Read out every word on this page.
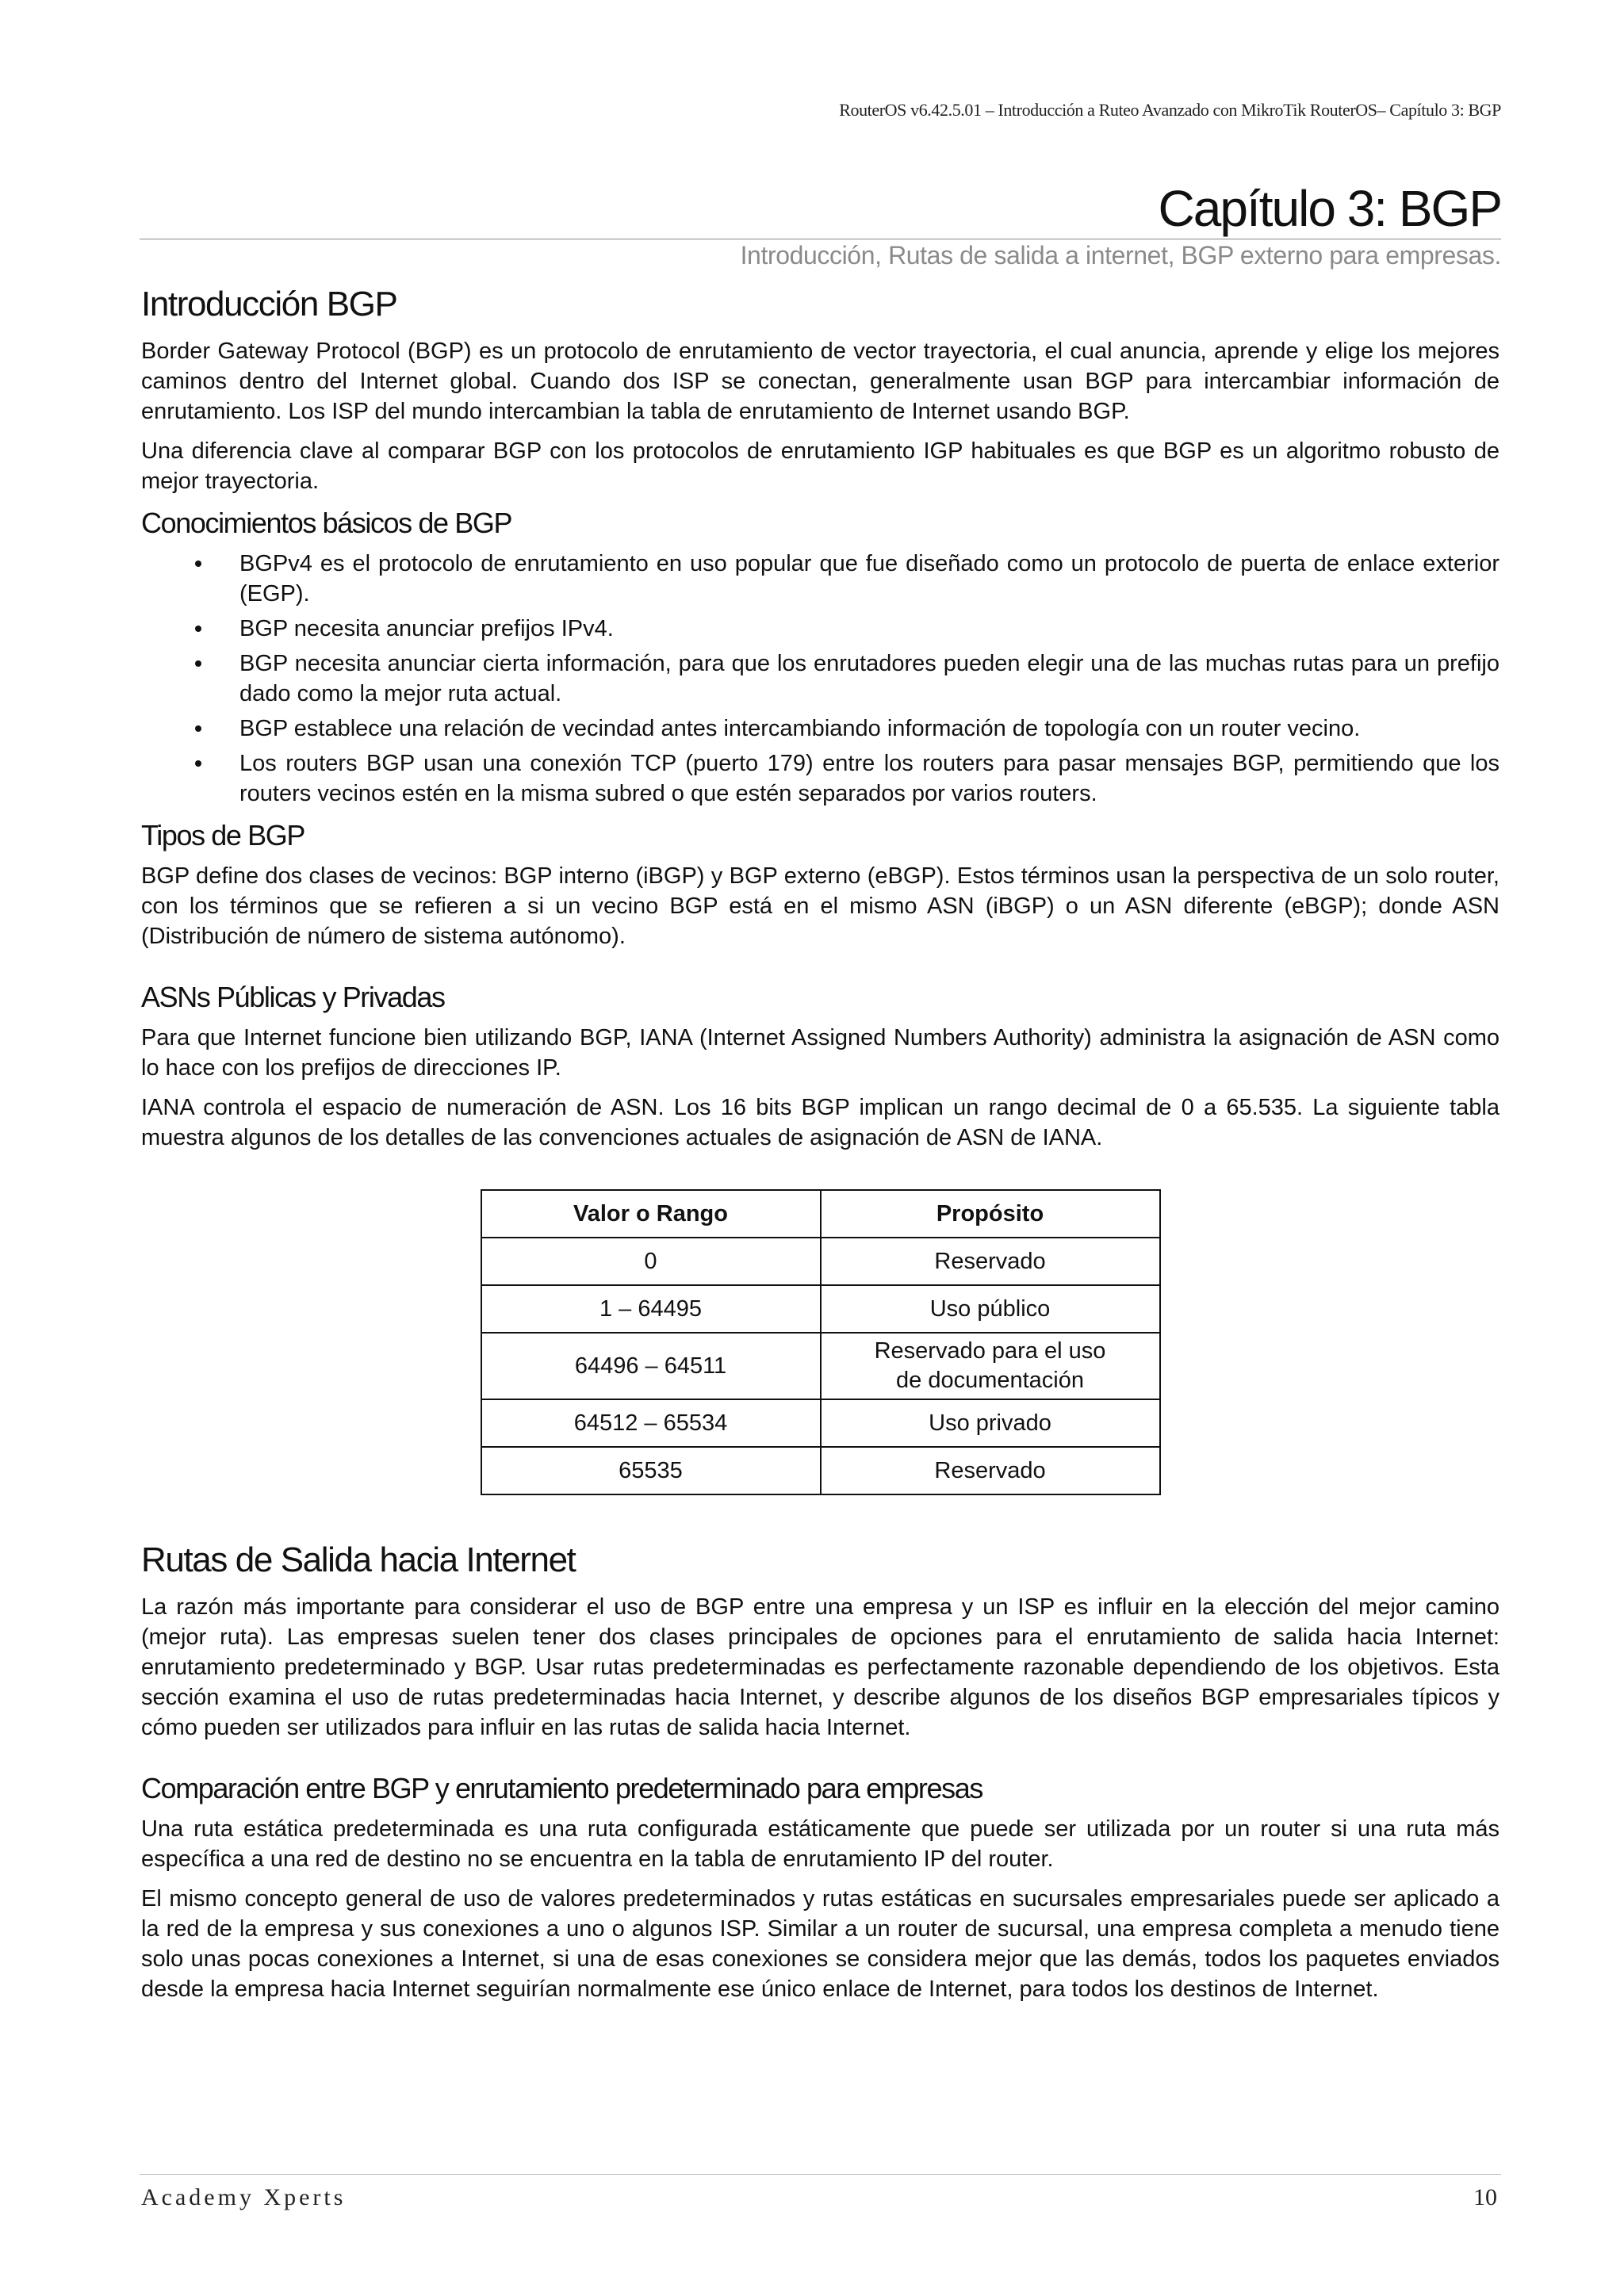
RouterOS v6.42.5.01 – Introducción a Ruteo Avanzado con MikroTik RouterOS– Capítulo 3: BGP
Capítulo 3: BGP
Introducción, Rutas de salida a internet, BGP externo para empresas.
Introducción BGP

Border Gateway Protocol (BGP) es un protocolo de enrutamiento de vector trayectoria, el cual anuncia, aprende y elige los mejores caminos dentro del Internet global. Cuando dos ISP se conectan, generalmente usan BGP para intercambiar información de enrutamiento. Los ISP del mundo intercambian la tabla de enrutamiento de Internet usando BGP.

Una diferencia clave al comparar BGP con los protocolos de enrutamiento IGP habituales es que BGP es un algoritmo robusto de mejor trayectoria.

Conocimientos básicos de BGP
BGPv4 es el protocolo de enrutamiento en uso popular que fue diseñado como un protocolo de puerta de enlace exterior (EGP).
BGP necesita anunciar prefijos IPv4.
BGP necesita anunciar cierta información, para que los enrutadores pueden elegir una de las muchas rutas para un prefijo dado como la mejor ruta actual.
BGP establece una relación de vecindad antes intercambiando información de topología con un router vecino.
Los routers BGP usan una conexión TCP (puerto 179) entre los routers para pasar mensajes BGP, permitiendo que los routers vecinos estén en la misma subred o que estén separados por varios routers.
Tipos de BGP

BGP define dos clases de vecinos: BGP interno (iBGP) y BGP externo (eBGP). Estos términos usan la perspectiva de un solo router, con los términos que se refieren a si un vecino BGP está en el mismo ASN (iBGP) o un ASN diferente (eBGP); donde ASN (Distribución de número de sistema autónomo).

ASNs Públicas y Privadas

Para que Internet funcione bien utilizando BGP, IANA (Internet Assigned Numbers Authority) administra la asignación de ASN como lo hace con los prefijos de direcciones IP.

IANA controla el espacio de numeración de ASN. Los 16 bits BGP implican un rango decimal de 0 a 65.535. La siguiente tabla muestra algunos de los detalles de las convenciones actuales de asignación de ASN de IANA.

Valor o Rango	Propósito
0	Reservado
1 – 64495	Uso público
64496 – 64511	Reservado para el uso de documentación
64512 – 65534	Uso privado
65535	Reservado
Rutas de Salida hacia Internet

La razón más importante para considerar el uso de BGP entre una empresa y un ISP es influir en la elección del mejor camino (mejor ruta). Las empresas suelen tener dos clases principales de opciones para el enrutamiento de salida hacia Internet: enrutamiento predeterminado y BGP. Usar rutas predeterminadas es perfectamente razonable dependiendo de los objetivos. Esta sección examina el uso de rutas predeterminadas hacia Internet, y describe algunos de los diseños BGP empresariales típicos y cómo pueden ser utilizados para influir en las rutas de salida hacia Internet.

Comparación entre BGP y enrutamiento predeterminado para empresas

Una ruta estática predeterminada es una ruta configurada estáticamente que puede ser utilizada por un router si una ruta más específica a una red de destino no se encuentra en la tabla de enrutamiento IP del router.

El mismo concepto general de uso de valores predeterminados y rutas estáticas en sucursales empresariales puede ser aplicado a la red de la empresa y sus conexiones a uno o algunos ISP. Similar a un router de sucursal, una empresa completa a menudo tiene solo unas pocas conexiones a Internet, si una de esas conexiones se considera mejor que las demás, todos los paquetes enviados desde la empresa hacia Internet seguirían normalmente ese único enlace de Internet, para todos los destinos de Internet.

Academy Xperts	10
